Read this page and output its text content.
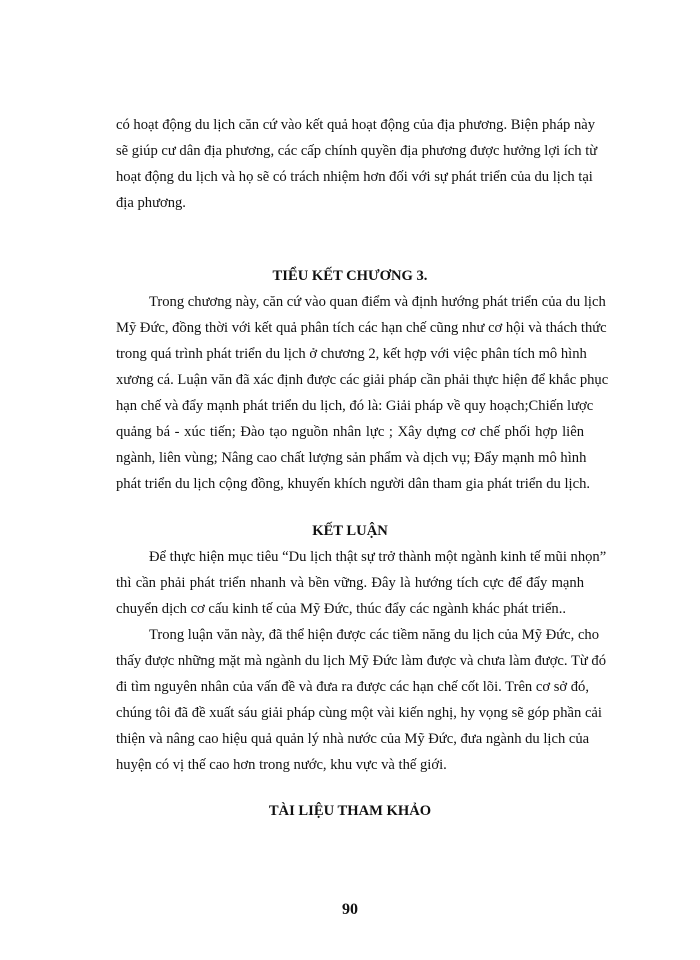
có hoạt động du lịch căn cứ vào kết quả hoạt động của địa phương. Biện pháp này
sẽ giúp cư dân địa phương, các cấp chính quyền địa phương được hưởng lợi ích từ
hoạt động du lịch và họ sẽ có trách nhiệm hơn đối với sự phát triển của du lịch tại
địa phương.
TIỂU KẾT CHƯƠNG 3.
Trong chương này, căn cứ vào quan điểm và định hướng phát triển của du lịch
Mỹ Đức, đồng thời với kết quả phân tích các hạn chế cũng như cơ hội và thách thức
trong quá trình phát triển du lịch ở chương 2, kết hợp với việc phân tích mô hình
xương cá. Luận văn đã xác định được các giải pháp cần phải thực hiện để khắc phục
hạn chế và đẩy mạnh phát triển du lịch, đó là: Giải pháp về quy hoạch;Chiến lược
quảng bá - xúc tiến; Đào tạo nguồn nhân lực ; Xây dựng cơ chế phối hợp liên
ngành, liên vùng; Nâng cao chất lượng sản phẩm và dịch vụ; Đẩy mạnh mô hình
phát triển du lịch cộng đồng, khuyến khích người dân tham gia phát triển du lịch.
KẾT LUẬN
Để thực hiện mục tiêu “Du lịch thật sự trở thành một ngành kinh tế mũi nhọn”
thì cần phải phát triển nhanh và bền vững. Đây là hướng tích cực để đẩy mạnh
chuyển dịch cơ cấu kinh tế của Mỹ Đức, thúc đẩy các ngành khác phát triển..
Trong luận văn này, đã thể hiện được các tiềm năng du lịch của Mỹ Đức, cho
thấy được những mặt mà ngành du lịch Mỹ Đức làm được và chưa làm được. Từ đó
đi tìm nguyên nhân của vấn đề và đưa ra được các hạn chế cốt lõi. Trên cơ sở đó,
chúng tôi đã đề xuất sáu giải pháp cùng một vài kiến nghị, hy vọng sẽ góp phần cải
thiện và nâng cao hiệu quả quản lý nhà nước của Mỹ Đức, đưa ngành du lịch của
huyện có vị thế cao hơn trong nước, khu vực và thế giới.
TÀI LIỆU THAM KHẢO
90
